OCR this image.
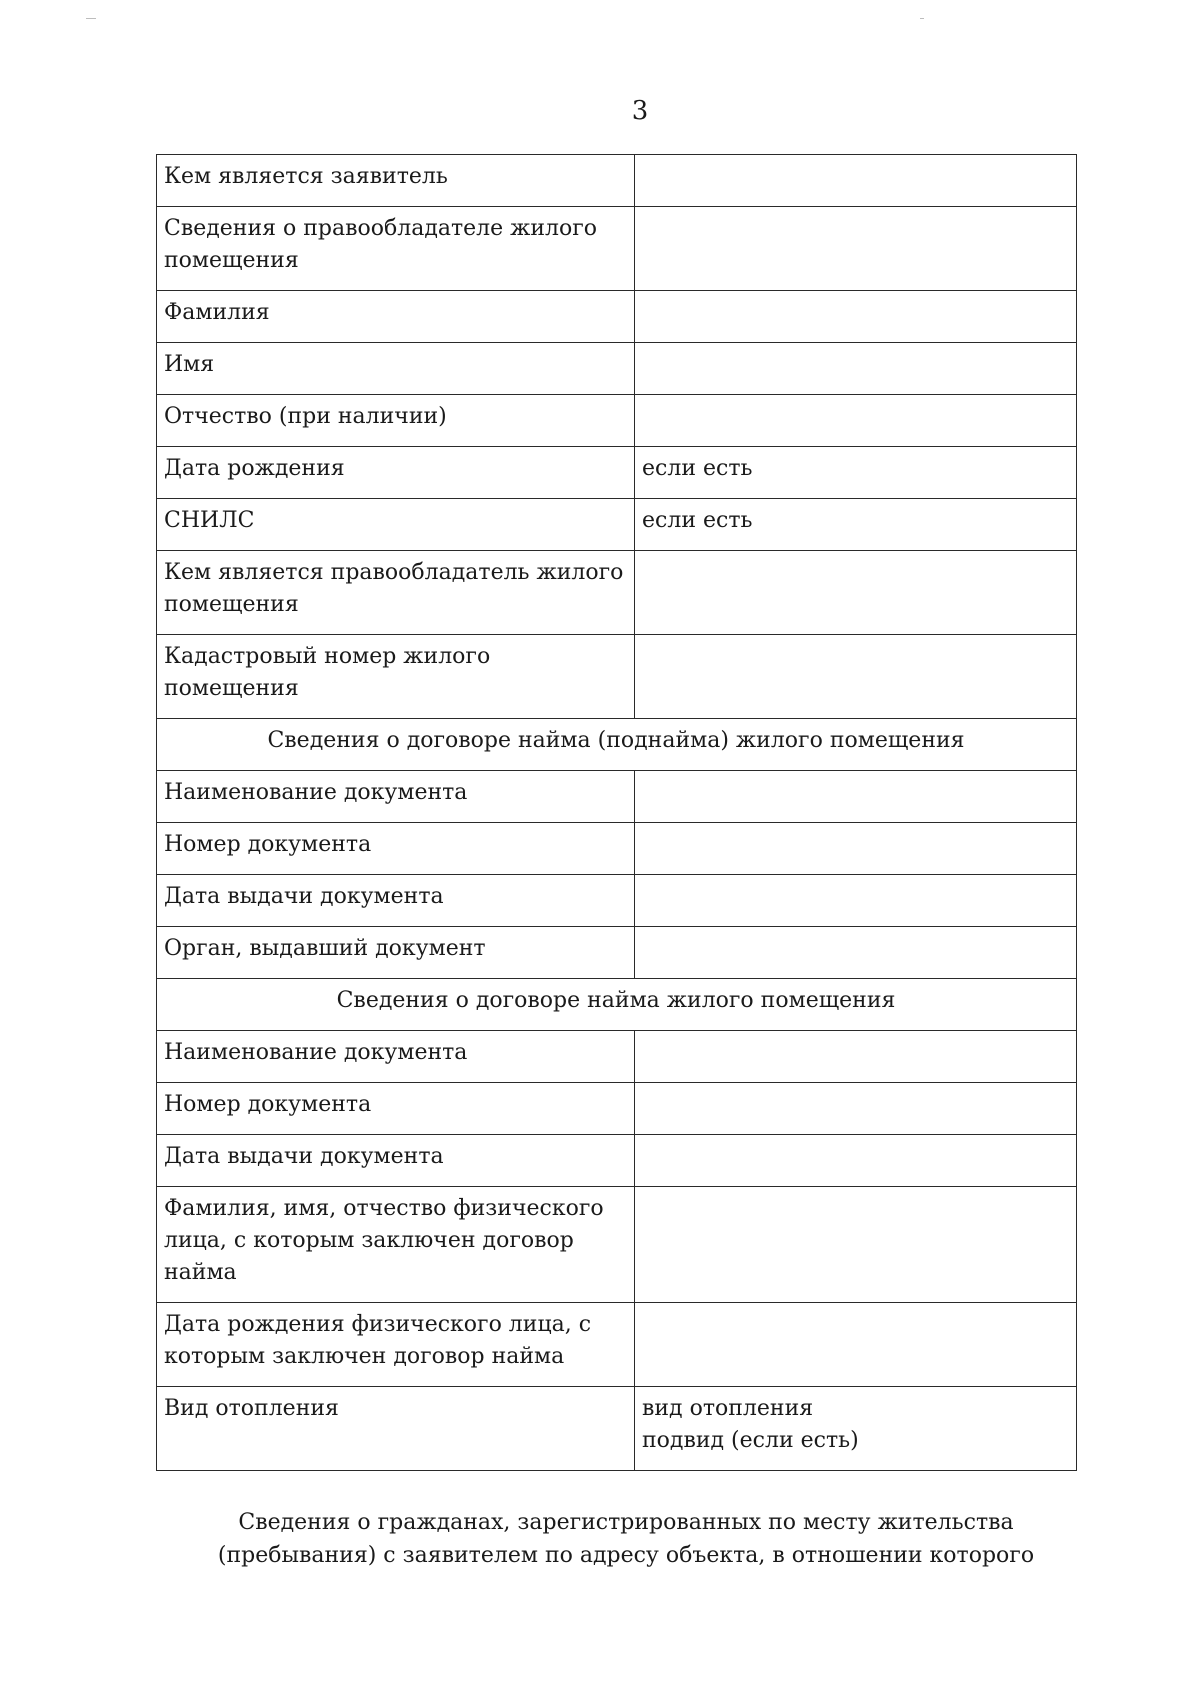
3
Кем является заявитель	
Сведения о правообладателе жилого помещения	
Фамилия	
Имя	
Отчество (при наличии)	
Дата рождения	если есть
СНИЛС	если есть
Кем является правообладатель жилого помещения	
Кадастровый номер жилого помещения	
Сведения о договоре найма (поднайма) жилого помещения	
Наименование документа	
Номер документа	
Дата выдачи документа	
Орган, выдавший документ	
Сведения о договоре найма жилого помещения	
Наименование документа	
Номер документа	
Дата выдачи документа	
Фамилия, имя, отчество физического лица, с которым заключен договор найма	
Дата рождения физического лица, с которым заключен договор найма	
Вид отопления	вид отопления
подвид (если есть)
Сведения о гражданах, зарегистрированных по месту жительства
(пребывания) с заявителем по адресу объекта, в отношении которого
